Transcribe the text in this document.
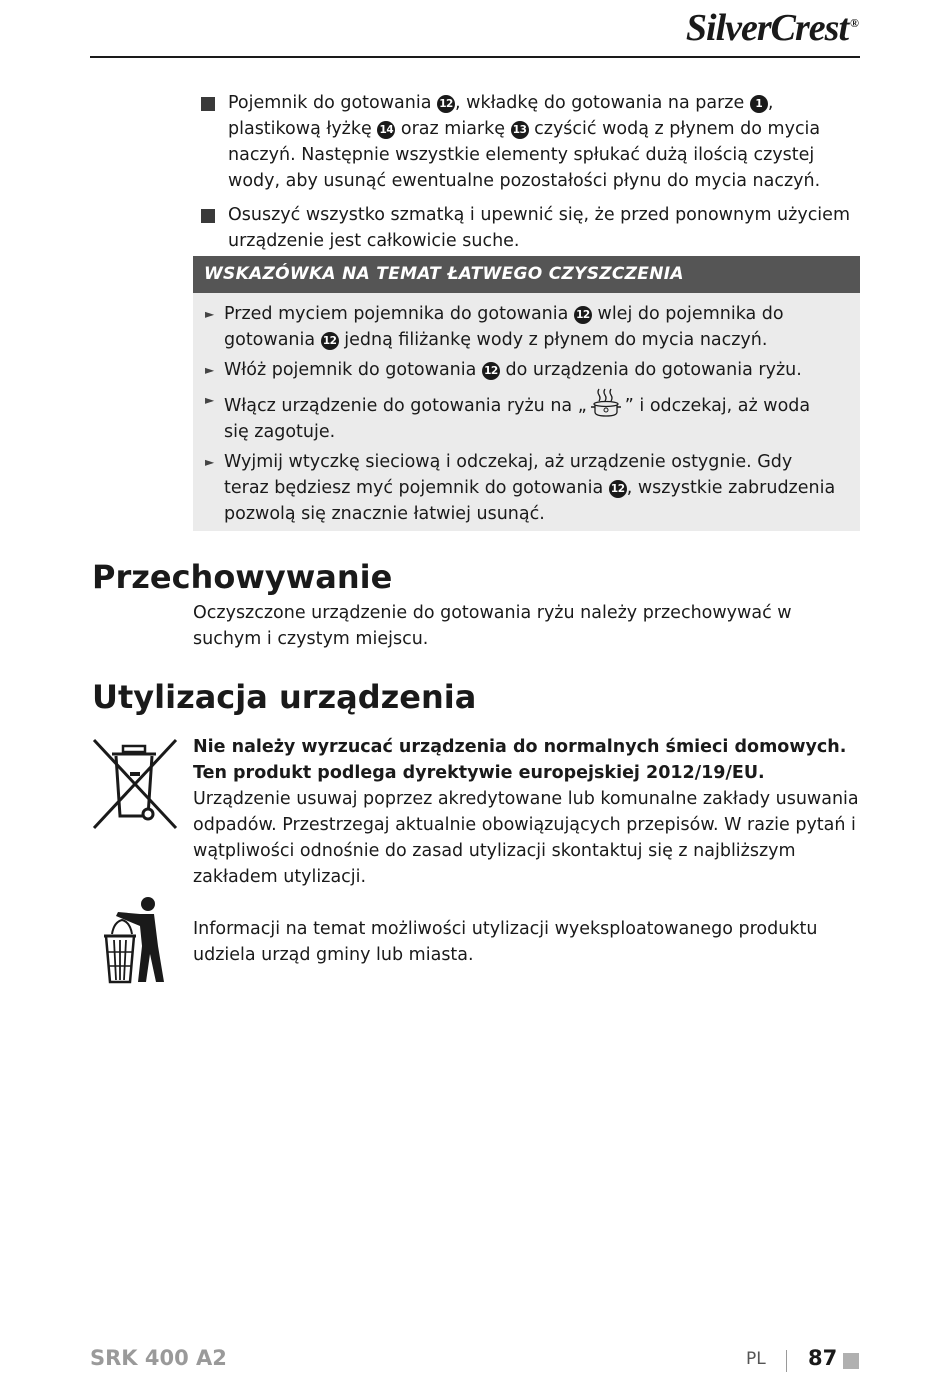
SilverCrest ®
Pojemnik do gotowania 12 , wkładkę do gotowania na parze 1 , plastikową łyżkę 14 oraz miarkę 13 czyścić wodą z płynem do mycia naczyń. Następnie wszystkie elementy spłukać dużą ilością czystej wody, aby usunąć ewentualne pozostałości płynu do mycia naczyń.
Osuszyć wszystko szmatką i upewnić się, że przed ponownym użyciem urządzenie jest całkowicie suche.
WSKAZÓWKA NA TEMAT ŁATWEGO CZYSZCZENIA
► Przed myciem pojemnika do gotowania 12 wlej do pojemnika do gotowania 12 jedną filiżankę wody z płynem do mycia naczyń.
► Włóż pojemnik do gotowania 12 do urządzenia do gotowania ryżu.
► Włącz urządzenie do gotowania ryżu na „ ” i odczekaj, aż woda się zagotuje.
► Wyjmij wtyczkę sieciową i odczekaj, aż urządzenie ostygnie. Gdy teraz będziesz myć pojemnik do gotowania 12 , wszystkie zabrudzenia pozwolą się znacznie łatwiej usunąć.
Przechowywanie
Oczyszczone urządzenie do gotowania ryżu należy przechowywać w suchym i czystym miejscu.
Utylizacja urządzenia
Nie należy wyrzucać urządzenia do normalnych śmieci domowych. Ten produkt podlega dyrektywie europejskiej 2012/19/EU.
Urządzenie usuwaj poprzez akredytowane lub komunalne zakłady usuwania odpadów. Przestrzegaj aktualnie obowiązujących przepisów. W razie pytań i wątpliwości odnośnie do zasad utylizacji skontaktuj się z najbliższym zakładem utylizacji.
Informacji na temat możliwości utylizacji wyeksploatowanego produktu udziela urząd gminy lub miasta.
SRK 400 A2	PL 87
